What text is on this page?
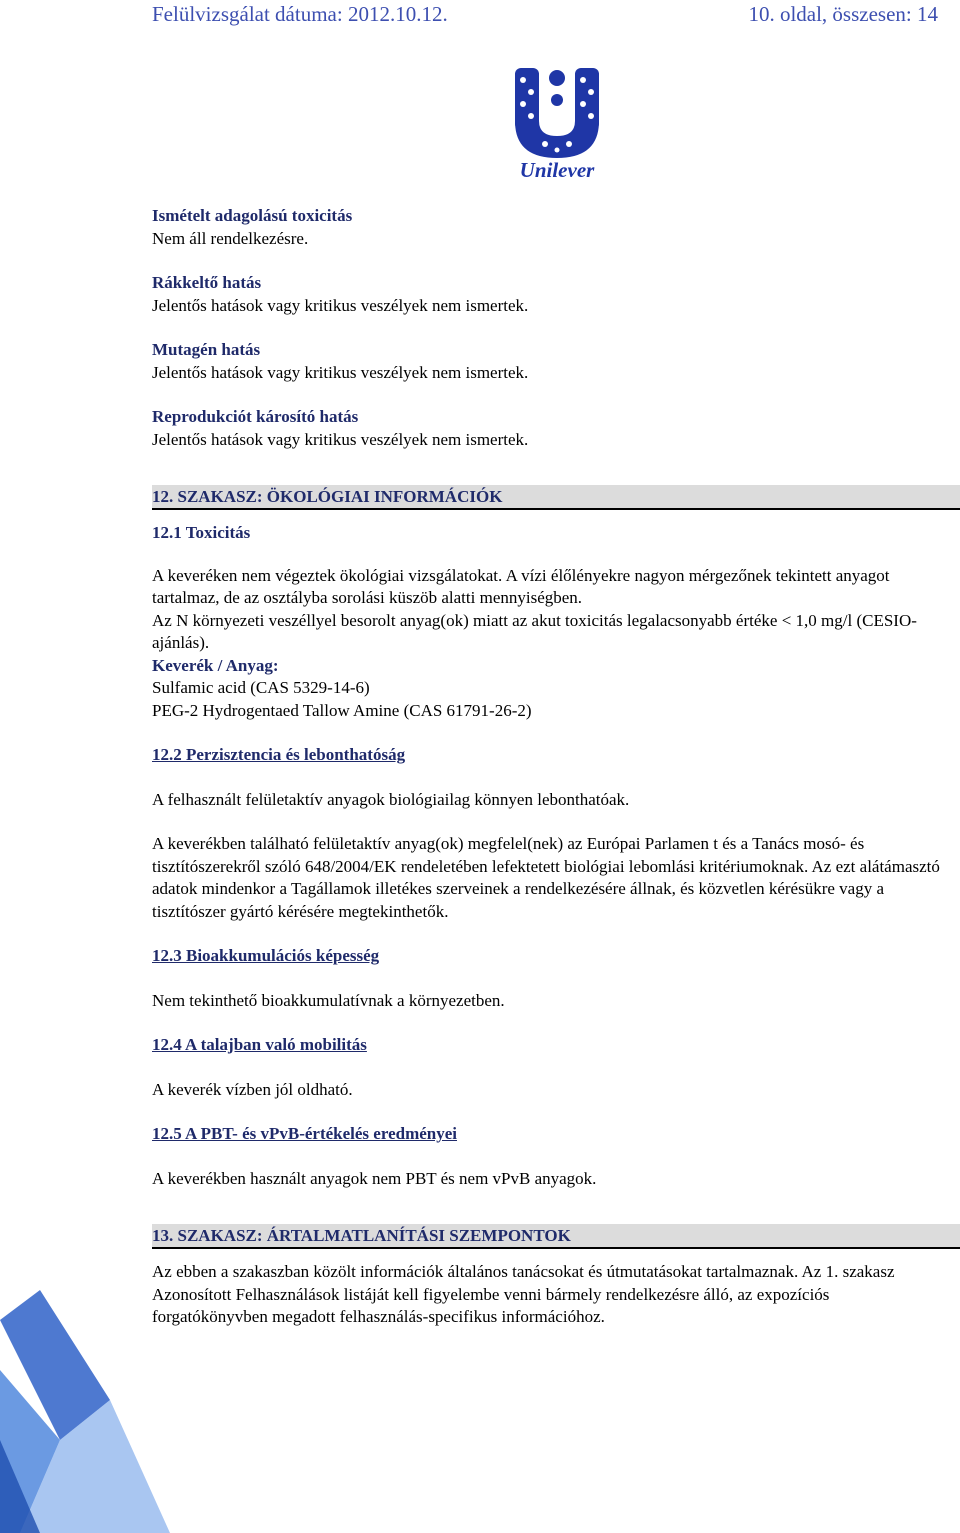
Felülvizsgálat dátuma: 2012.10.12.	10. oldal, összesen: 14
Unilever

Ismételt adagolású toxicitás

Nem áll rendelkezésre.

Rákkeltő hatás

Jelentős hatások vagy kritikus veszélyek nem ismertek.

Mutagén hatás

Jelentős hatások vagy kritikus veszélyek nem ismertek.

Reprodukciót károsító hatás

Jelentős hatások vagy kritikus veszélyek nem ismertek.

12. SZAKASZ: ÖKOLÓGIAI INFORMÁCIÓK

12.1 Toxicitás

A keveréken nem végeztek ökológiai vizsgálatokat. A vízi élőlényekre nagyon mérgezőnek tekintett anyagot tartalmaz, de az osztályba sorolási küszöb alatti mennyiségben.

Az N környezeti veszéllyel besorolt anyag(ok) miatt az akut toxicitás legalacsonyabb értéke < 1,0 mg/l (CESIO-ajánlás).

Keverék / Anyag:

Sulfamic acid (CAS 5329-14-6)

PEG-2 Hydrogentaed Tallow Amine (CAS 61791-26-2)

12.2 Perzisztencia és lebonthatóság

A felhasznált felületaktív anyagok biológiailag könnyen lebonthatóak.

A keverékben található felületaktív anyag(ok) megfelel(nek) az Európai Parlamen t és a Tanács mosó- és tisztítószerekről szóló 648/2004/EK rendeletében lefektetett biológiai lebomlási kritériumoknak. Az ezt alátámasztó adatok mindenkor a Tagállamok illetékes szerveinek a rendelkezésére állnak, és közvetlen kérésükre vagy a tisztítószer gyártó kérésére megtekinthetők.

12.3 Bioakkumulációs képesség

Nem tekinthető bioakkumulatívnak a környezetben.

12.4 A talajban való mobilitás

A keverék vízben jól oldható.

12.5 A PBT- és vPvB-értékelés eredményei

A keverékben használt anyagok nem PBT és nem vPvB anyagok.

13. SZAKASZ: ÁRTALMATLANÍTÁSI SZEMPONTOK

Az ebben a szakaszban közölt információk általános tanácsokat és útmutatásokat tartalmaznak. Az 1. szakasz Azonosított Felhasználások listáját kell figyelembe venni bármely rendelkezésre álló, az expozíciós forgatókönyvben megadott felhasználás-specifikus információhoz.
